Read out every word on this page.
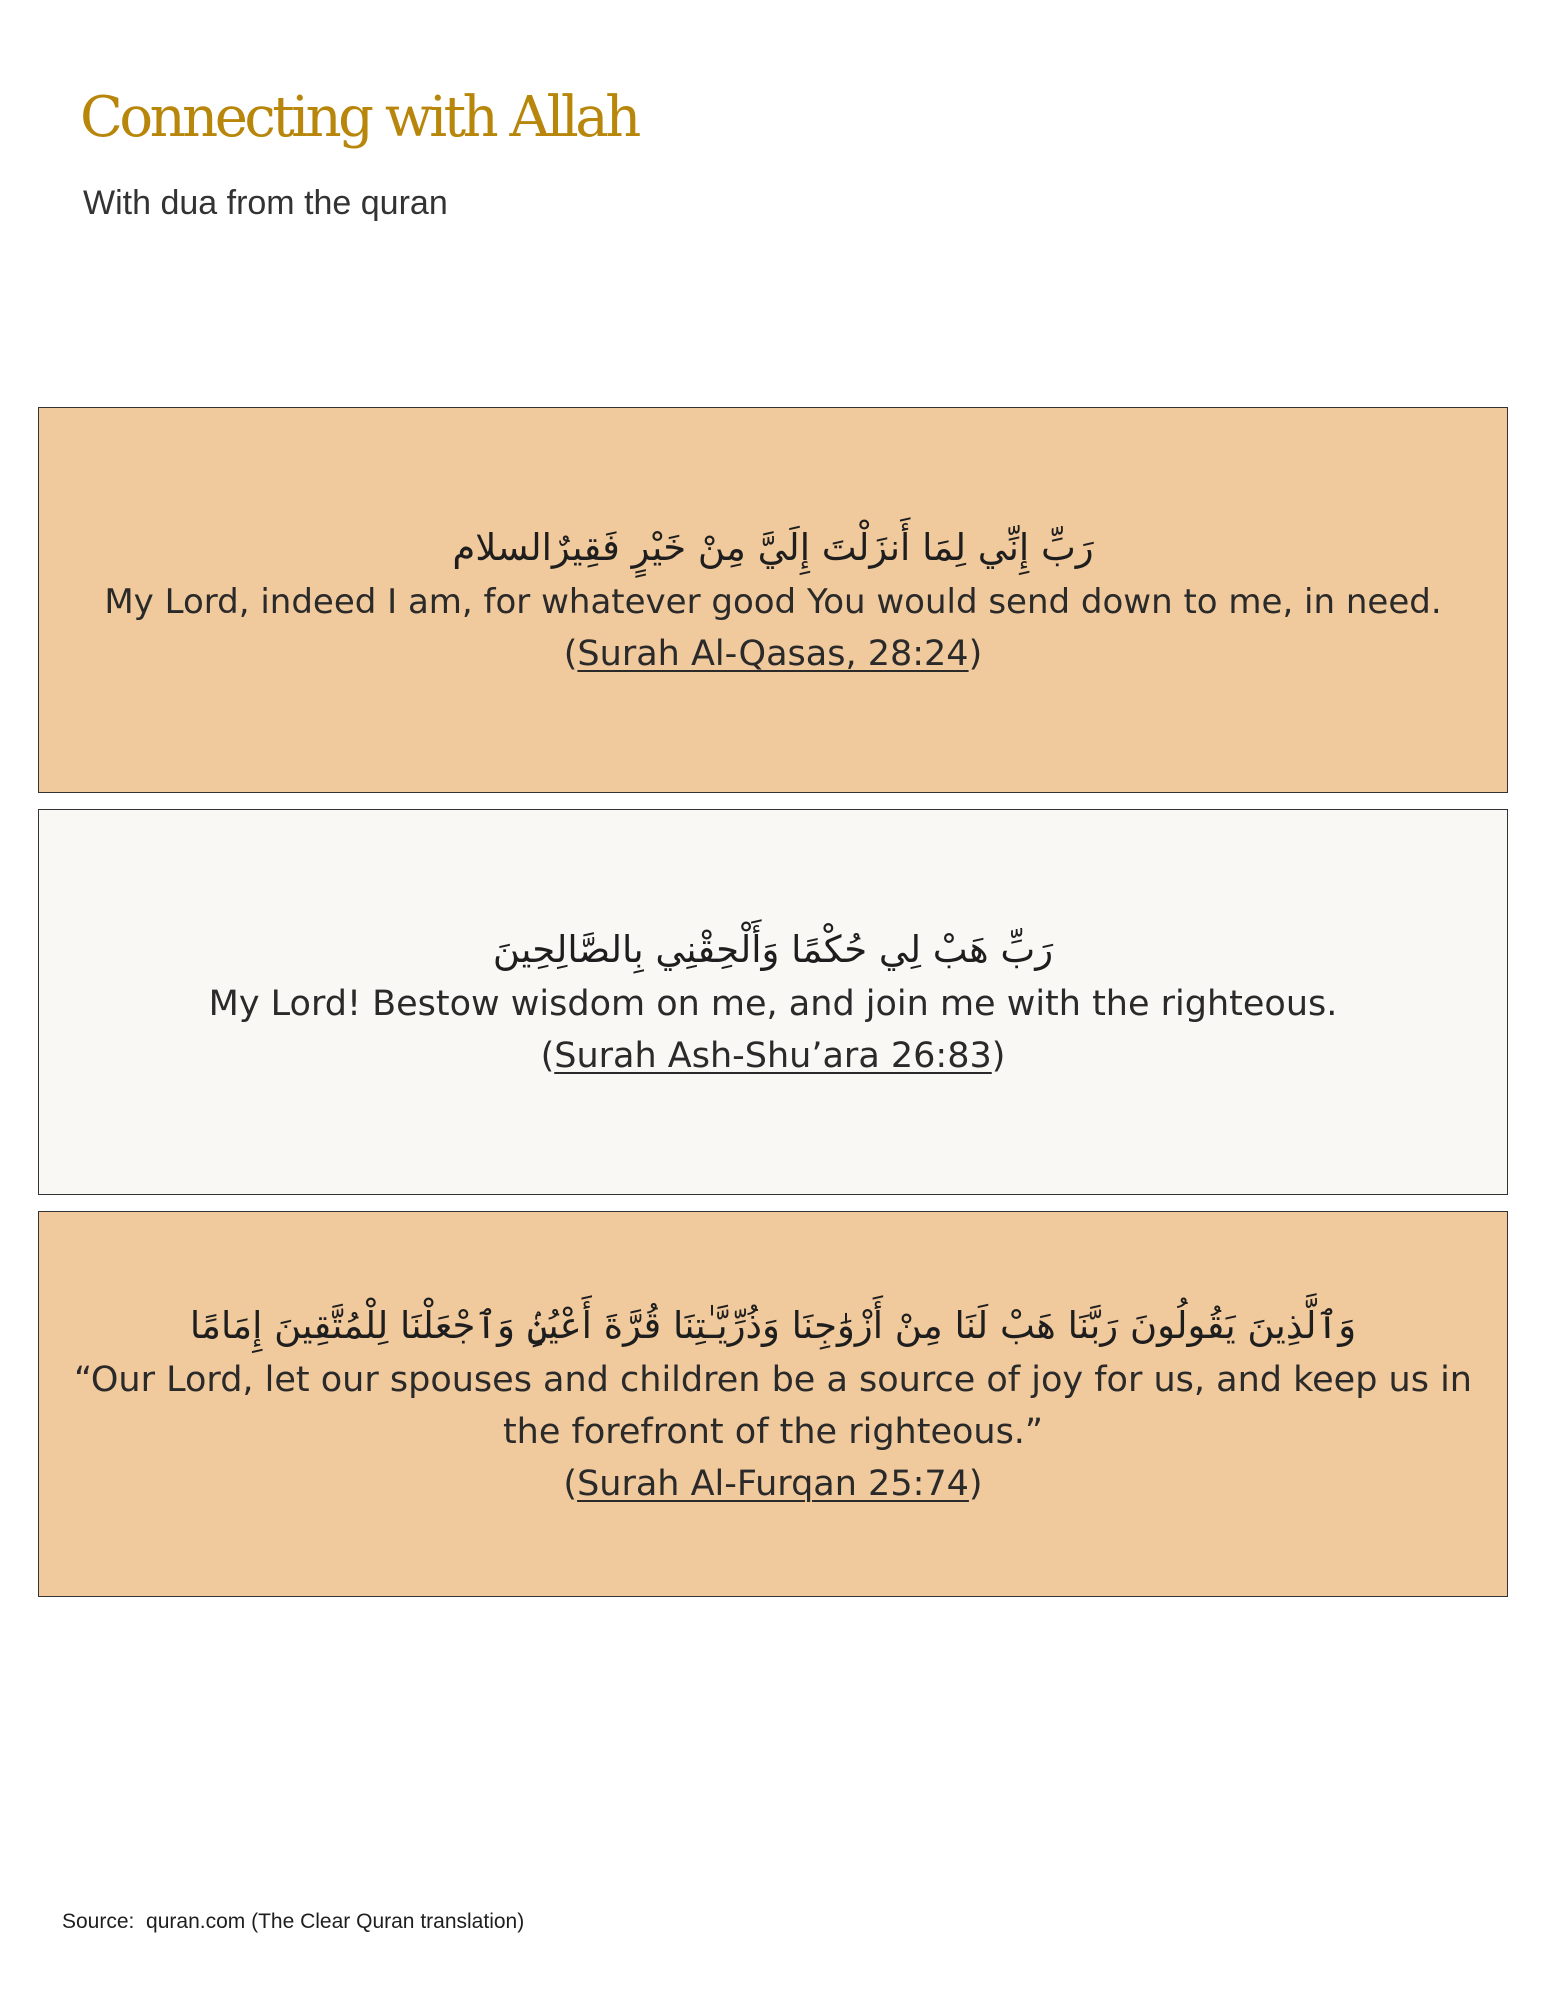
Connecting with Allah

With dua from the quran

رَبِّ إِنِّي لِمَا أَنزَلْتَ إِلَيَّ مِنْ خَيْرٍ فَقِيرٌالسلام
My Lord, indeed I am, for whatever good You would send down to me, in need.
(Surah Al-Qasas, 28:24)
رَبِّ هَبْ لِي حُكْمًا وَأَلْحِقْنِي بِالصَّالِحِينَ
My Lord! Bestow wisdom on me, and join me with the righteous.
(Surah Ash-Shu’ara 26:83)
وَٱلَّذِينَ يَقُولُونَ رَبَّنَا هَبْ لَنَا مِنْ أَزْوَٰجِنَا وَذُرِّيَّـٰتِنَا قُرَّةَ أَعْيُنٍۢ وَٱجْعَلْنَا لِلْمُتَّقِينَ إِمَامًا
“Our Lord, let our spouses and children be a source of joy for us, and keep us in the forefront of the righteous.”
(Surah Al-Furqan 25:74)

Source:  quran.com (The Clear Quran translation)
